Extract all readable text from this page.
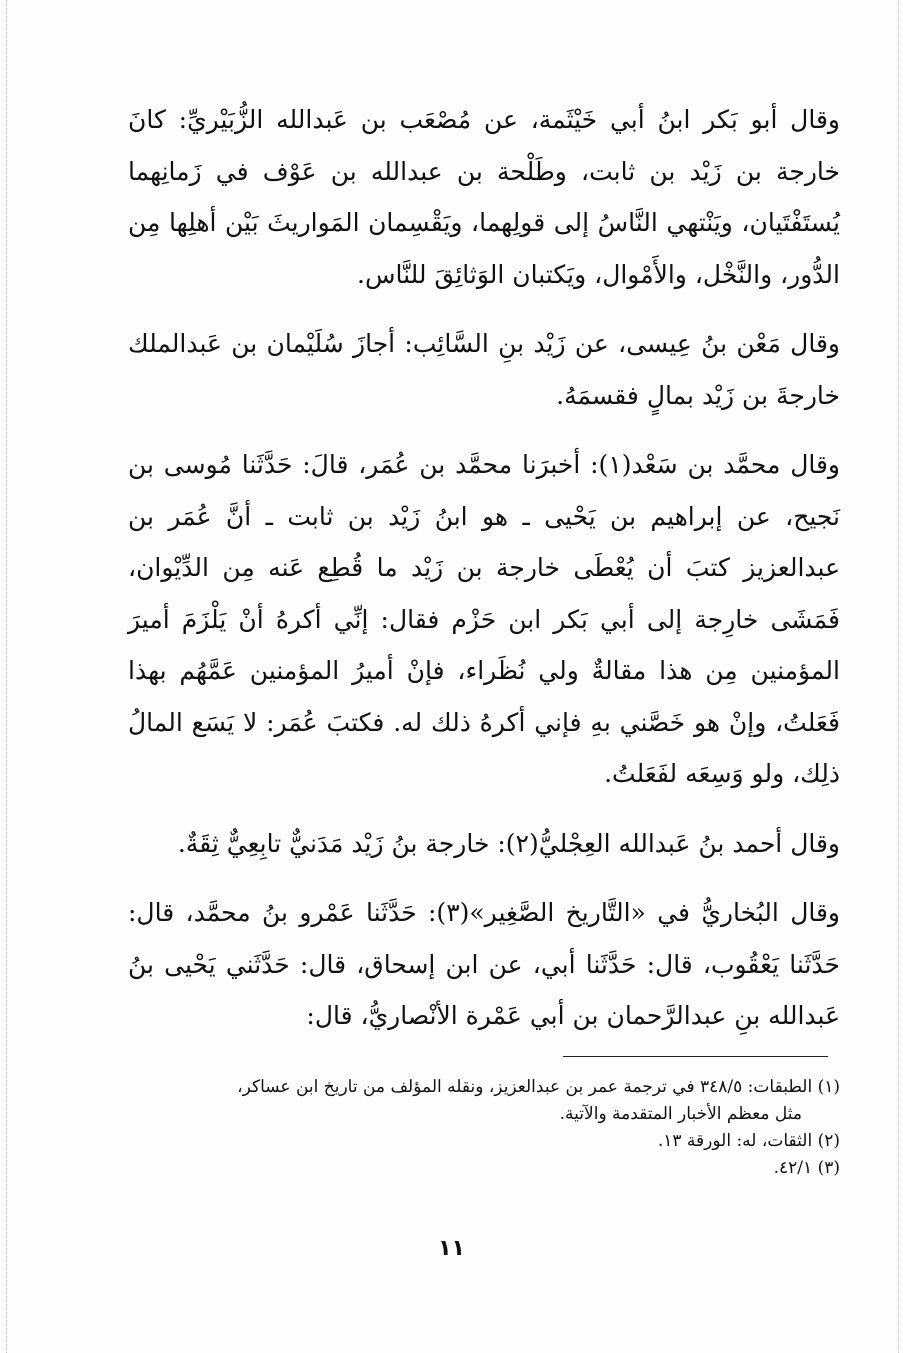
وقال أبو بَكر ابنُ أبي خَيْثَمة، عن مُصْعَب بن عَبدالله الزُّبَيْريِّ: كانَ خارجة بن زَيْد بن ثابت، وطَلْحة بن عبدالله بن عَوْف في زَمانِهما يُستَفْتَيان، ويَنْتهي النَّاسُ إلى قولِهما، ويَقْسِمان المَواريثَ بَيْن أهلِها مِن الدُّور، والنَّخْل، والأَمْوال، ويَكتبان الوَثائِقَ للنَّاس.

وقال مَعْن بنُ عِيسى، عن زَيْد بنِ السَّائِب: أجازَ سُلَيْمان بن عَبدالملك خارجةَ بن زَيْد بمالٍ فقسمَهُ.

وقال محمَّد بن سَعْد(١): أخبرَنا محمَّد بن عُمَر، قالَ: حَدَّثَنا مُوسى بن نَجيح، عن إبراهيم بن يَحْيى ـ هو ابنُ زَيْد بن ثابت ـ أنَّ عُمَر بن عبدالعزيز كتبَ أن يُعْطَى خارجة بن زَيْد ما قُطِع عَنه مِن الدِّيْوان، فَمَشَى خارِجة إلى أبي بَكر ابن حَزْم فقال: إنِّي أكرهُ أنْ يَلْزَمَ أميرَ المؤمنين مِن هذا مقالةٌ ولي نُظَراء، فإنْ أميرُ المؤمنين عَمَّهُم بهذا فَعَلتُ، وإنْ هو خَصَّني بهِ فإني أكرهُ ذلك له. فكتبَ عُمَر: لا يَسَع المالُ ذلِك، ولو وَسِعَه لفَعَلتُ.

وقال أحمد بنُ عَبدالله العِجْليُّ(٢): خارجة بنُ زَيْد مَدَنيٌّ تابِعِيٌّ ثِقَةٌ.

وقال البُخاريُّ في «التَّاريخ الصَّغِير»(٣): حَدَّثَنا عَمْرو بنُ محمَّد، قال: حَدَّثَنا يَعْقُوب، قال: حَدَّثَنا أبي، عن ابن إسحاق، قال: حَدَّثَني يَحْيى بنُ عَبدالله بنِ عبدالرَّحمان بن أبي عَمْرة الأنْصاريُّ، قال:

(١) الطبقات: ٣٤٨/٥ في ترجمة عمر بن عبدالعزيز، ونقله المؤلف من تاريخ ابن عساكر،

مثل معظم الأخبار المتقدمة والآتية.

(٢) الثقات، له: الورقة ١٣.

(٣) ٤٢/١.

١١
